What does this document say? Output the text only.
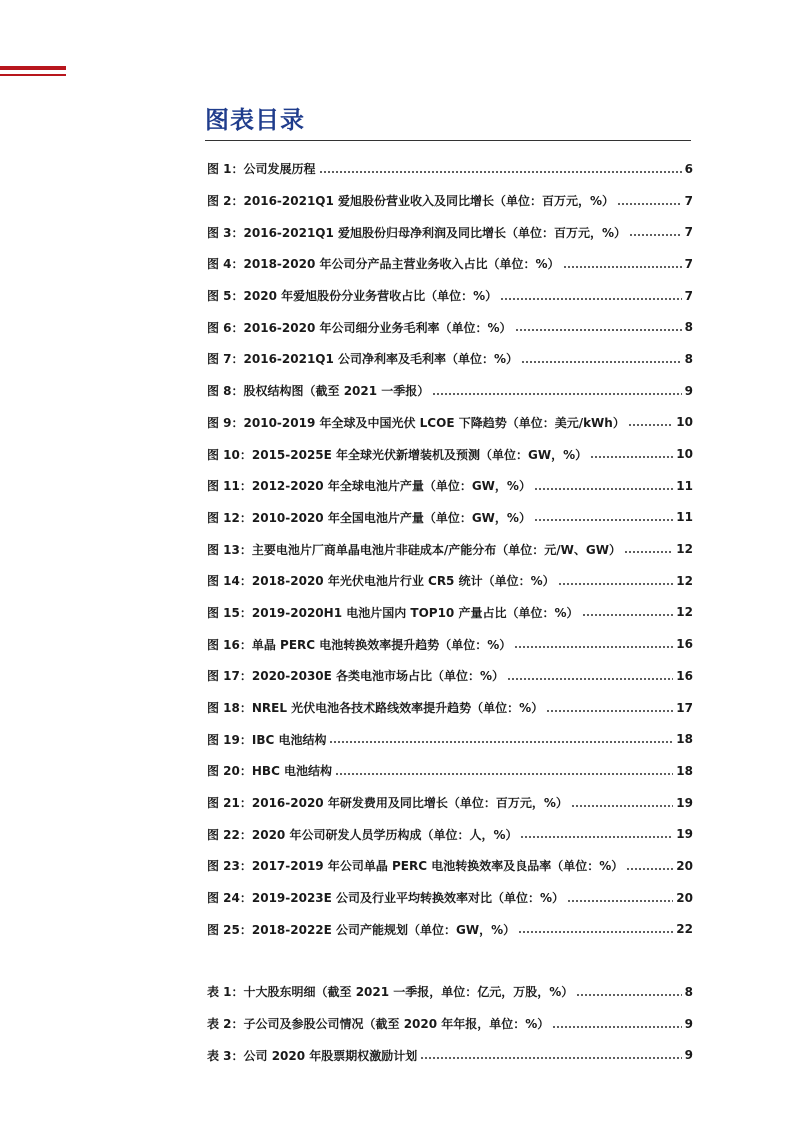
图表目录
图 1：公司发展历程	6
图 2：2016-2021Q1 爱旭股份营业收入及同比增长（单位：百万元，%）	7
图 3：2016-2021Q1 爱旭股份归母净利润及同比增长（单位：百万元，%）	7
图 4：2018-2020 年公司分产品主营业务收入占比（单位：%）	7
图 5：2020 年爱旭股份分业务营收占比（单位：%）	7
图 6：2016-2020 年公司细分业务毛利率（单位：%）	8
图 7：2016-2021Q1 公司净利率及毛利率（单位：%）	8
图 8：股权结构图（截至 2021 一季报）	9
图 9：2010-2019 年全球及中国光伏 LCOE 下降趋势（单位：美元/kWh）	10
图 10：2015-2025E 年全球光伏新增装机及预测（单位：GW，%）	10
图 11：2012-2020 年全球电池片产量（单位：GW，%）	11
图 12：2010-2020 年全国电池片产量（单位：GW，%）	11
图 13：主要电池片厂商单晶电池片非硅成本/产能分布（单位：元/W、GW）	12
图 14：2018-2020 年光伏电池片行业 CR5 统计（单位：%）	12
图 15：2019-2020H1 电池片国内 TOP10 产量占比（单位：%）	12
图 16：单晶 PERC 电池转换效率提升趋势（单位：%）	16
图 17：2020-2030E 各类电池市场占比（单位：%）	16
图 18：NREL 光伏电池各技术路线效率提升趋势（单位：%）	17
图 19：IBC 电池结构	18
图 20：HBC 电池结构	18
图 21：2016-2020 年研发费用及同比增长（单位：百万元，%）	19
图 22：2020 年公司研发人员学历构成（单位：人，%）	19
图 23：2017-2019 年公司单晶 PERC 电池转换效率及良品率（单位：%）	20
图 24：2019-2023E 公司及行业平均转换效率对比（单位：%）	20
图 25：2018-2022E 公司产能规划（单位：GW，%）	22
表 1：十大股东明细（截至 2021 一季报，单位：亿元，万股，%）	8
表 2：子公司及参股公司情况（截至 2020 年年报，单位：%）	9
表 3：公司 2020 年股票期权激励计划	9
